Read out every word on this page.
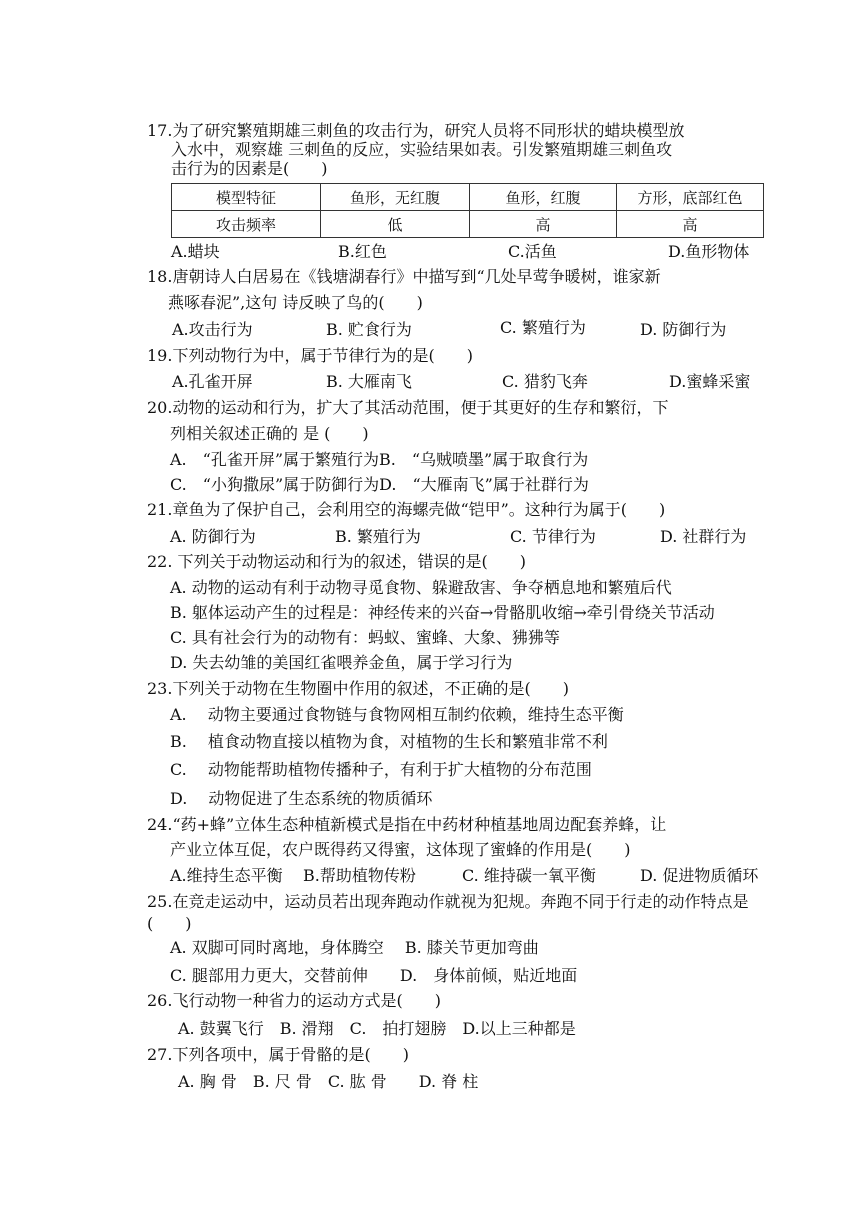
17.为了研究繁殖期雄三刺鱼的攻击行为，研究人员将不同形状的蜡块模型放
入水中，观察雄 三刺鱼的反应，实验结果如表。引发繁殖期雄三刺鱼攻
击行为的因素是(　　)
模型特征	鱼形，无红腹	鱼形，红腹	方形，底部红色
攻击频率	低	高	高
A.蜡块	B.红色	C.活鱼	D.鱼形物体
18.唐朝诗人白居易在《钱塘湖春行》中描写到“几处早莺争暖树，谁家新
燕啄春泥”,这句 诗反映了鸟的(　　)
A.攻击行为	B. 贮食行为	C. 繁殖行为	D. 防御行为
19.下列动物行为中，属于节律行为的是(　　)
A.孔雀开屏	B. 大雁南飞	C. 猎豹飞奔	D.蜜蜂采蜜
20.动物的运动和行为，扩大了其活动范围，便于其更好的生存和繁衍，下
列相关叙述正确的 是 (　　)
A.　“孔雀开屏”属于繁殖行为B.　“乌贼喷墨”属于取食行为
C.　“小狗撒尿”属于防御行为D.　“大雁南飞”属于社群行为
21.章鱼为了保护自己，会利用空的海螺壳做“铠甲”。这种行为属于(　　)
A. 防御行为	B. 繁殖行为	C. 节律行为	D. 社群行为
22. 下列关于动物运动和行为的叙述，错误的是(　　)
A. 动物的运动有利于动物寻觅食物、躲避敌害、争夺栖息地和繁殖后代
B. 躯体运动产生的过程是：神经传来的兴奋→骨骼肌收缩→牵引骨绕关节活动
C. 具有社会行为的动物有：蚂蚁、蜜蜂、大象、狒狒等
D. 失去幼雏的美国红雀喂养金鱼，属于学习行为
23.下列关于动物在生物圈中作用的叙述，不正确的是(　　)
A.　 动物主要通过食物链与食物网相互制约依赖，维持生态平衡
B.　 植食动物直接以植物为食，对植物的生长和繁殖非常不利
C.　 动物能帮助植物传播种子，有利于扩大植物的分布范围
D.　 动物促进了生态系统的物质循环
24.“药+蜂”立体生态种植新模式是指在中药材种植基地周边配套养蜂，让
产业立体互促，农户既得药又得蜜，这体现了蜜蜂的作用是(　　)
A.维持生态平衡 B.帮助植物传粉	C. 维持碳一氧平衡	D. 促进物质循环
25.在竞走运动中，运动员若出现奔跑动作就视为犯规。奔跑不同于行走的动作特点是
(　　)
A. 双脚可同时离地，身体腾空　 B. 膝关节更加弯曲
C. 腿部用力更大，交替前伸　　D.　身体前倾，贴近地面
26.飞行动物一种省力的运动方式是(　　)
A. 鼓翼飞行　B. 滑翔　C.　拍打翅膀　D.以上三种都是
27.下列各项中，属于骨骼的是(　　)
A. 胸 骨　B. 尺 骨　C. 肱 骨　　D. 脊 柱
